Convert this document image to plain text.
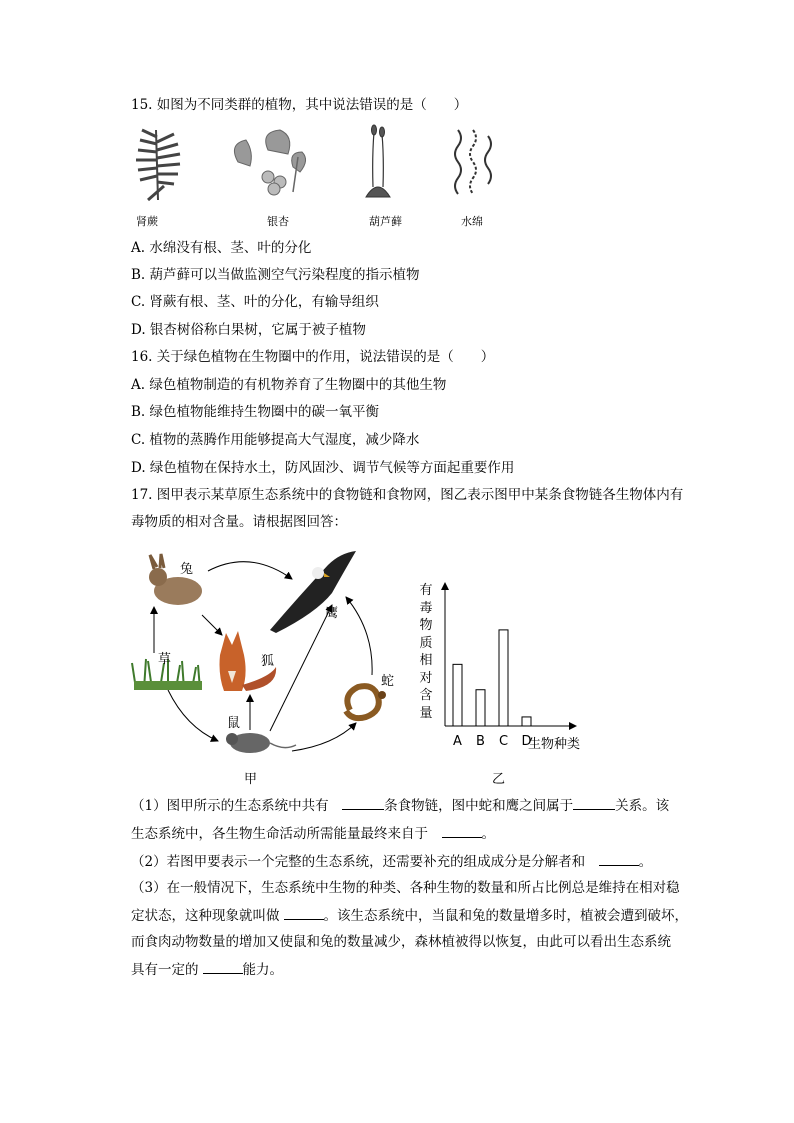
15. 如图为不同类群的植物，其中说法错误的是（　　）
肾蕨	银杏	葫芦藓	水绵
A. 水绵没有根、茎、叶的分化
B. 葫芦藓可以当做监测空气污染程度的指示植物
C. 肾蕨有根、茎、叶的分化，有输导组织
D. 银杏树俗称白果树，它属于被子植物
16. 关于绿色植物在生物圈中的作用，说法错误的是（　　）
A. 绿色植物制造的有机物养育了生物圈中的其他生物
B. 绿色植物能维持生物圈中的碳一氧平衡
C. 植物的蒸腾作用能够提高大气湿度，减少降水
D. 绿色植物在保持水土，防风固沙、调节气候等方面起重要作用
17. 图甲表示某草原生态系统中的食物链和食物网，图乙表示图甲中某条食物链各生物体内有
毒物质的相对含量。请根据图回答：
兔
鹰
草	狐
蛇
鼠
甲
A B C D
有毒物质相对含量
生物种类
乙
（1）图甲所示的生态系统中共有　	条食物链，图中蛇和鹰之间属于	关系。该
生态系统中，各生物生命活动所需能量最终来自于　	。
（2）若图甲要表示一个完整的生态系统，还需要补充的组成成分是分解者和　	。
（3）在一般情况下，生态系统中生物的种类、各种生物的数量和所占比例总是维持在相对稳
定状态，这种现象就叫做	。该生态系统中，当鼠和兔的数量增多时，植被会遭到破坏，
而食肉动物数量的增加又使鼠和兔的数量减少，森林植被得以恢复，由此可以看出生态系统
具有一定的	能力。
